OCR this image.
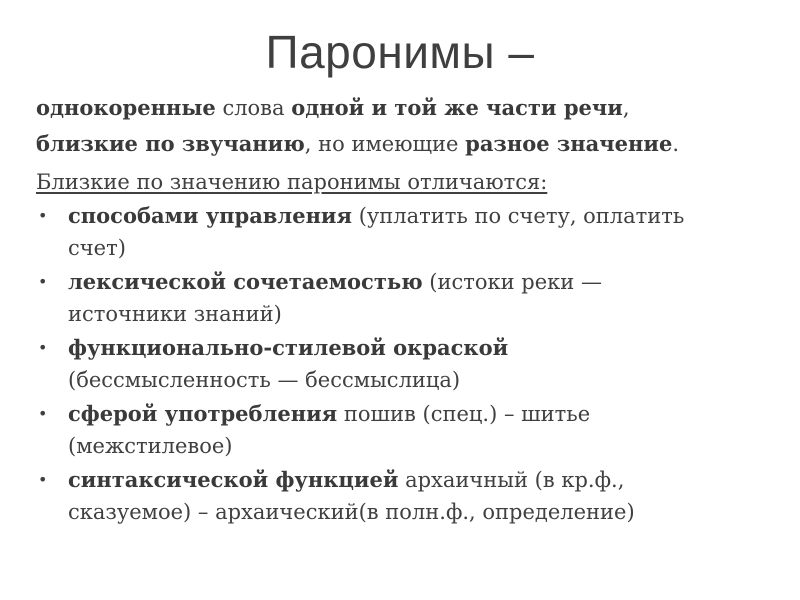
Паронимы –
однокоренные слова одной и той же части речи,
близкие по звучанию, но имеющие разное значение.
Близкие по значению паронимы отличаются:
• способами управления (уплатить по счету, оплатить
счет)
• лексической сочетаемостью (истоки реки —
источники знаний)
• функционально-стилевой окраской
(бессмысленность — бессмыслица)
• сферой употребления пошив (спец.) – шитье
(межстилевое)
• синтаксической функцией архаичный (в кр.ф.,
сказуемое) – архаический(в полн.ф., определение)
